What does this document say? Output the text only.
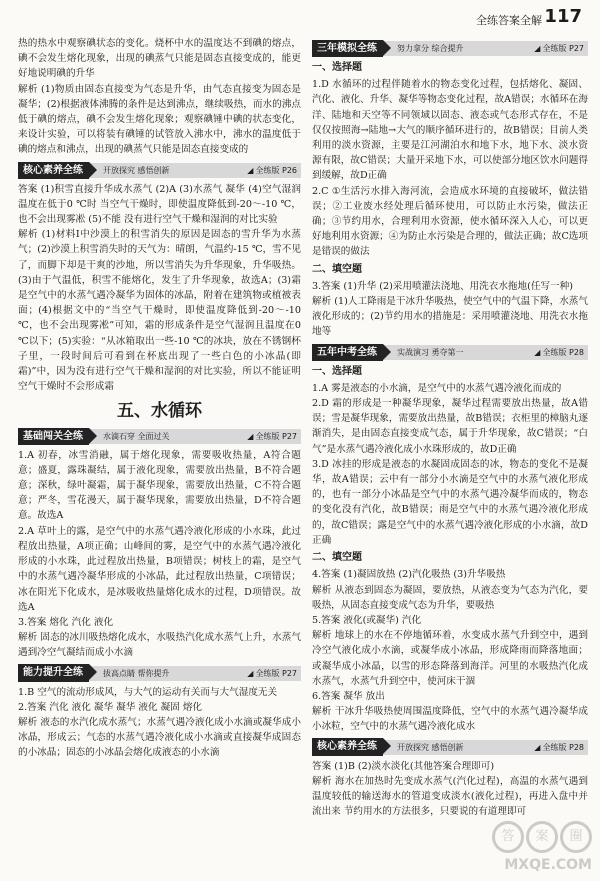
全练答案全解 117

热的热水中观察碘状态的变化。烧杯中水的温度达不到碘的熔点，碘不会发生熔化现象，出现的碘蒸气只能是固态直接变成的，能更好地说明碘的升华

解析 (1)物质由固态直接变为气态是升华，由气态直接变为固态是凝华；(2)根据液体沸腾的条件是达到沸点，继续吸热，而水的沸点低于碘的熔点，碘不会发生熔化现象；观察碘锤中碘的状态变化，来设计实验，可以将装有碘锤的试管放入沸水中，沸水的温度低于碘的熔点和沸点，出现的碘蒸气只能是固态直接变成的

核心素养全练	开放探究 感悟创新	◢ 全练版 P26

答案 (1)积雪直接升华成水蒸气 (2)A (3)水蒸气 凝华 (4)空气湿润 温度在低于0 ℃时 当空气干燥时，即使温度降低到-20～-10 ℃，也不会出现雾凇 (5)不能 没有进行空气干燥和湿润的对比实验

解析 (1)材料Ⅰ中沙漠上的积雪消失的原因是固态的雪升华为水蒸气；(2)沙漠上积雪消失时的天气为：晴朗，气温约-15 ℃，雪不见了，而脚下却是干爽的沙地，所以雪消失为升华现象，升华吸热。(3)由于气温低，积雪不能熔化，发生了升华现象，故选A；(3)霜是空气中的水蒸气遇冷凝华为固体的冰晶，附着在建筑物或植被表面；(4)根据文中的“当空气干燥时，即使温度降低到-20～-10 ℃，也不会出现雾凇”可知，霜的形成条件是空气湿润且温度在0 ℃以下；(5)实验：“从冰箱取出一些-10 ℃的冰块，放在不锈钢杯子里，一段时间后可看到在杯底出现了一些白色的小冰晶(即霜)”中，因为没有进行空气干燥和湿润的对比实验，所以不能证明空气干燥时不会形成霜

五、水循环
基础闯关全练	水滴石穿 全面过关	◢ 全练版 P27

1.A 初春，冰雪消融，属于熔化现象，需要吸收热量，A符合题意；盛夏，露珠凝结，属于液化现象，需要放出热量，B不符合题意；深秋，绿叶凝霜，属于凝华现象，需要放出热量，C不符合题意；严冬，雪花漫天，属于凝华现象，需要放出热量，D不符合题意。故选A

2.A 草叶上的露，是空气中的水蒸气遇冷液化形成的小水珠，此过程放出热量，A项正确；山峰间的雾，是空气中的水蒸气遇冷液化形成的小水珠，此过程放出热量，B项错误；树枝上的霜，是空气中的水蒸气遇冷凝华形成的小冰晶，此过程放出热量，C项错误；冰在阳光下化成水，是冰吸收热量熔化成水的过程，D项错误。故选A

3.答案 熔化 汽化 液化

解析 固态的冰川吸热熔化成水，水吸热汽化成水蒸气上升，水蒸气遇到冷空气凝结而成小水滴

能力提升全练	拔高点睛 帮你提升	◢ 全练版 P27

1.B 空气的流动形成风，与大气的运动有关而与大气湿度无关

2.答案 汽化 液化 凝华 凝华 液化 凝固 熔化

解析 液态的水汽化成水蒸气；水蒸气遇冷液化成小水滴或凝华成小冰晶，形成云；气态的水蒸气遇冷液化成小水滴或直接凝华成固态的小冰晶；固态的小冰晶会熔化成液态的小水滴

三年模拟全练	努力拿分 综合提升	◢ 全练版 P27
一、选择题

1.D 水循环的过程伴随着水的物态变化过程，包括熔化、凝固、汽化、液化、升华、凝华等物态变化过程，故A错误；水循环在海洋、陆地和天空等不同领域以固态、液态或气态形式存在，不是仅仅按照海→陆地→大气的顺序循环进行的，故B错误；目前人类利用的淡水资源，主要是江河湖泊水和地下水，地下水、淡水资源有限，故C错误；大量开采地下水，可以使部分地区饮水问题得到缓解，故D正确

2.C ①生活污水排入海河流，会造成水环境的直接破坏，做法错误；②工业废水经处理后循环使用，可以防止水污染，做法正确；③节约用水，合理利用水资源，使水循环深入人心，可以更好地利用水资源；④为防止水污染是合理的，做法正确；故C选项是错误的做法

二、填空题

3.答案 (1)升华 (2)采用喷灌法浇地、用洗衣水拖地(任写一种)

解析 (1)人工降雨是干冰升华吸热，使空气中的气温下降，水蒸气液化形成的；(2)节约用水的措施是：采用喷灌浇地、用洗衣水拖地等

五年中考全练	实战演习 勇夺第一	◢ 全练版 P28
一、选择题

1.A 雾是液态的小水滴，是空气中的水蒸气遇冷液化而成的

2.D 霜的形成是一种凝华现象，凝华过程需要放出热量，故A错误；雪是凝华现象，需要放出热量，故B错误；衣柜里的樟脑丸逐渐消失，是由固态直接变成气态，属于升华现象，故C错误；“白气”是水蒸气遇冷液化成小水珠形成的，故D正确

3.D 冰挂的形成是液态的水凝固成固态的冰，物态的变化不是凝华，故A错误；云中有一部分小水滴是空气中的水蒸气液化形成的，也有一部分小冰晶是空气中的水蒸气遇冷凝华而成的，物态的变化没有汽化，故B错误；雨是空气中的水蒸气遇冷液化形成的，故C错误；露是空气中的水蒸气遇冷液化形成的小水滴，故D正确

二、填空题

4.答案 (1)凝固放热 (2)汽化吸热 (3)升华吸热

解析 从液态到固态为凝固，要放热，从液态变为气态为汽化，要吸热，从固态直接变成气态为升华，要吸热

5.答案 液化(或凝华) 汽化

解析 地球上的水在不停地循环着，水变成水蒸气升到空中，遇到冷空气液化成小水滴，或凝华成小冰晶，形成降雨而降落地面；或凝华成小冰晶，以雪的形态降落到海洋。河里的水吸热汽化成水蒸气，水蒸气升到空中，使河床干涸

6.答案 凝华 放出

解析 干冰升华吸热使周围温度降低，空气中的水蒸气遇冷凝华成小冰粒，空气中的水蒸气遇冷液化成水

核心素养全练	开放探究 感悟创新	◢ 全练版 P28

答案 (1)B (2)淡水淡化(其他答案合理即可)

解析 海水在加热时先变成水蒸气(汽化过程)，高温的水蒸气遇到温度较低的输送海水的管道变成淡水(液化过程)，再进入盘中并流出来 节约用水的方法很多，只要说的有道理即可

答	案	圈
MXQE.COM
